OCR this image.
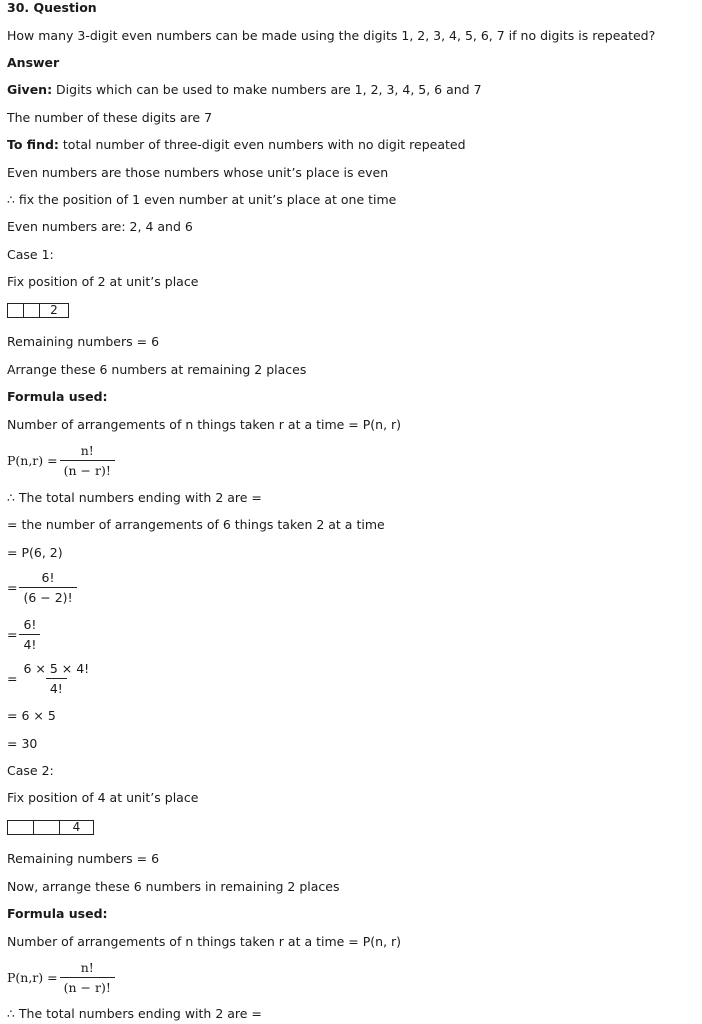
30. Question
How many 3-digit even numbers can be made using the digits 1, 2, 3, 4, 5, 6, 7 if no digits is repeated?
Answer
Given: Digits which can be used to make numbers are 1, 2, 3, 4, 5, 6 and 7
The number of these digits are 7
To find: total number of three-digit even numbers with no digit repeated
Even numbers are those numbers whose unit’s place is even
∴ fix the position of 1 even number at unit’s place at one time
Even numbers are: 2, 4 and 6
Case 1:
Fix position of 2 at unit’s place
2
Remaining numbers = 6
Arrange these 6 numbers at remaining 2 places
Formula used:
Number of arrangements of n things taken r at a time = P(n, r)
$P(n,r) = \frac{n!}{(n - r)!}$
∴ The total numbers ending with 2 are =
= the number of arrangements of 6 things taken 2 at a time
= P(6, 2)
= $\frac{6!}{(6 - 2)!}$
= $\frac{6!}{4!}$
= $\frac{6 \times 5 \times 4!}{4!}$
= 6 × 5
= 30
Case 2:
Fix position of 4 at unit’s place
4
Remaining numbers = 6
Now, arrange these 6 numbers in remaining 2 places
Formula used:
Number of arrangements of n things taken r at a time = P(n, r)
$P(n,r) = \frac{n!}{(n - r)!}$
∴ The total numbers ending with 2 are =
